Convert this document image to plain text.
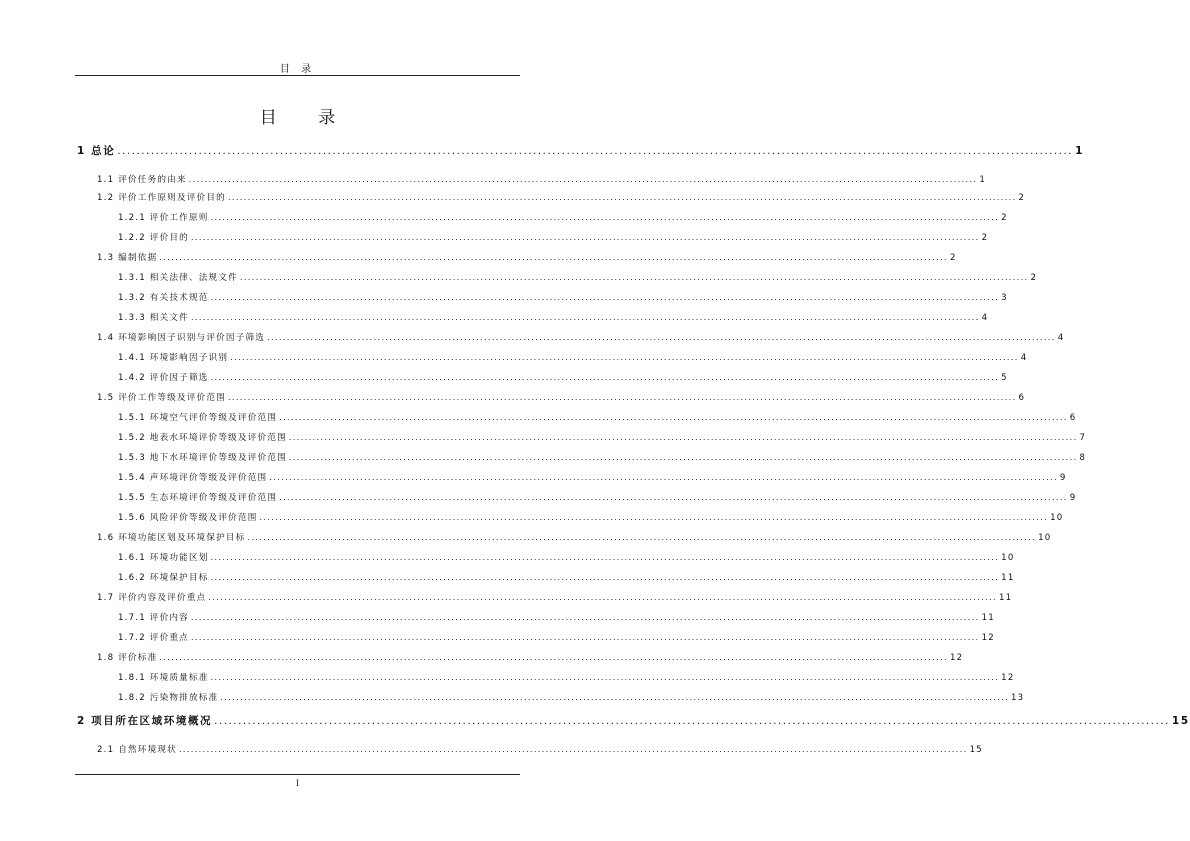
目 录
目 录
1 总论 ........................................................................................................................................................................................................ 1
1.1 评价任务的由来 ........................................................................................................................................................................................................ 1
1.2 评价工作原则及评价目的 ........................................................................................................................................................................................................ 2
1.2.1 评价工作原则 ........................................................................................................................................................................................................ 2
1.2.2 评价目的 ........................................................................................................................................................................................................ 2
1.3 编制依据 ........................................................................................................................................................................................................ 2
1.3.1 相关法律、法规文件 ........................................................................................................................................................................................................ 2
1.3.2 有关技术规范 ........................................................................................................................................................................................................ 3
1.3.3 相关文件 ........................................................................................................................................................................................................ 4
1.4 环境影响因子识别与评价因子筛选 ........................................................................................................................................................................................................ 4
1.4.1 环境影响因子识别 ........................................................................................................................................................................................................ 4
1.4.2 评价因子筛选 ........................................................................................................................................................................................................ 5
1.5 评价工作等级及评价范围 ........................................................................................................................................................................................................ 6
1.5.1 环境空气评价等级及评价范围 ........................................................................................................................................................................................................ 6
1.5.2 地表水环境评价等级及评价范围 ........................................................................................................................................................................................................ 7
1.5.3 地下水环境评价等级及评价范围 ........................................................................................................................................................................................................ 8
1.5.4 声环境评价等级及评价范围 ........................................................................................................................................................................................................ 9
1.5.5 生态环境评价等级及评价范围 ........................................................................................................................................................................................................ 9
1.5.6 风险评价等级及评价范围 ........................................................................................................................................................................................................ 10
1.6 环境功能区划及环境保护目标 ........................................................................................................................................................................................................ 10
1.6.1 环境功能区划 ........................................................................................................................................................................................................ 10
1.6.2 环境保护目标 ........................................................................................................................................................................................................ 11
1.7 评价内容及评价重点 ........................................................................................................................................................................................................ 11
1.7.1 评价内容 ........................................................................................................................................................................................................ 11
1.7.2 评价重点 ........................................................................................................................................................................................................ 12
1.8 评价标准 ........................................................................................................................................................................................................ 12
1.8.1 环境质量标准 ........................................................................................................................................................................................................ 12
1.8.2 污染物排放标准 ........................................................................................................................................................................................................ 13
2 项目所在区域环境概况 ........................................................................................................................................................................................................ 15
2.1 自然环境现状 ........................................................................................................................................................................................................ 15
I
